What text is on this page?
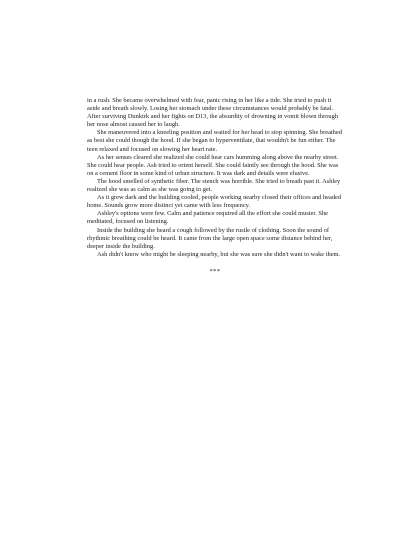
in a rush. She became overwhelmed with fear, panic rising in her like a tide. She tried to push it aside and breath slowly. Losing her stomach under these circumstances would probably be fatal. After surviving Dunkirk and her fights on D13, the absurdity of drowning in vomit blown through her nose almost caused her to laugh.

She maneuvered into a kneeling position and waited for her head to stop spinning. She breathed as best she could though the hood. If she began to hyperventilate, that wouldn't be fun either. The teen relaxed and focused on slowing her heart rate.

As her senses cleared she realized she could hear cars humming along above the nearby street. She could hear people. Ash tried to orient herself. She could faintly see through the hood. She was on a cement floor in some kind of urban structure. It was dark and details were elusive.

The hood smelled of synthetic fiber. The stench was horrible. She tried to breath past it. Ashley realized she was as calm as she was going to get.

As it grew dark and the building cooled, people working nearby closed their offices and headed home. Sounds grow more distinct yet came with less frequency.

Ashley's options were few. Calm and patience required all the effort she could muster. She meditated, focused on listening.

Inside the building she heard a cough followed by the rustle of clothing. Soon the sound of rhythmic breathing could be heard. It came from the large open space some distance behind her, deeper inside the building.

Ash didn't know who might be sleeping nearby, but she was sure she didn't want to wake them.

***
